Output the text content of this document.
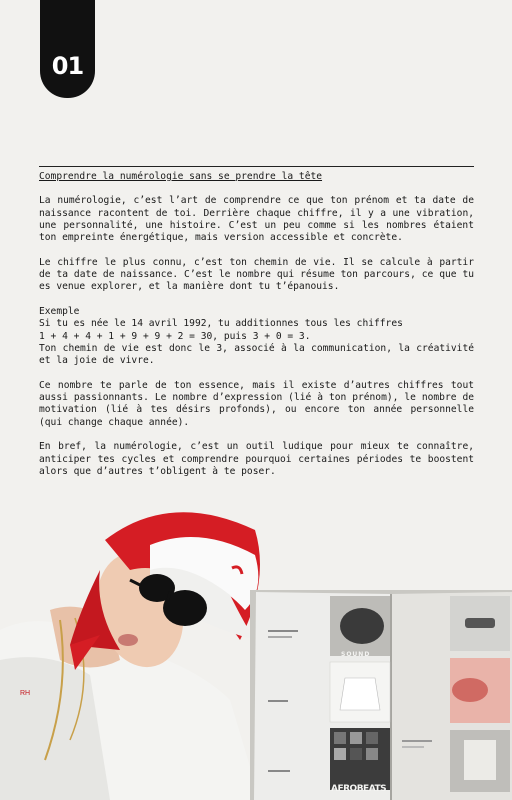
01
Comprendre la numérologie sans se prendre la tête

La numérologie, c’est l’art de comprendre ce que ton prénom et ta date de naissance racontent de toi. Derrière chaque chiffre, il y a une vibration, une personnalité, une histoire. C’est un peu comme si les nombres étaient ton empreinte énergétique, mais version accessible et concrète.

Le chiffre le plus connu, c’est ton chemin de vie. Il se calcule à partir de ta date de naissance. C’est le nombre qui résume ton parcours, ce que tu es venue explorer, et la manière dont tu t’épanouis.

Exemple
Si tu es née le 14 avril 1992, tu additionnes tous les chiffres
1 + 4 + 4 + 1 + 9 + 9 + 2 = 30, puis 3 + 0 = 3.

Ton chemin de vie est donc le 3, associé à la communication, la créativité et la joie de vivre.

Ce nombre te parle de ton essence, mais il existe d’autres chiffres tout aussi passionnants. Le nombre d’expression (lié à ton prénom), le nombre de motivation (lié à tes désirs profonds), ou encore ton année personnelle (qui change chaque année).

En bref, la numérologie, c’est un outil ludique pour mieux te connaître, anticiper tes cycles et comprendre pourquoi certaines périodes te boostent alors que d’autres t’obligent à te poser.

RH
SOUND
AFROBEATS
